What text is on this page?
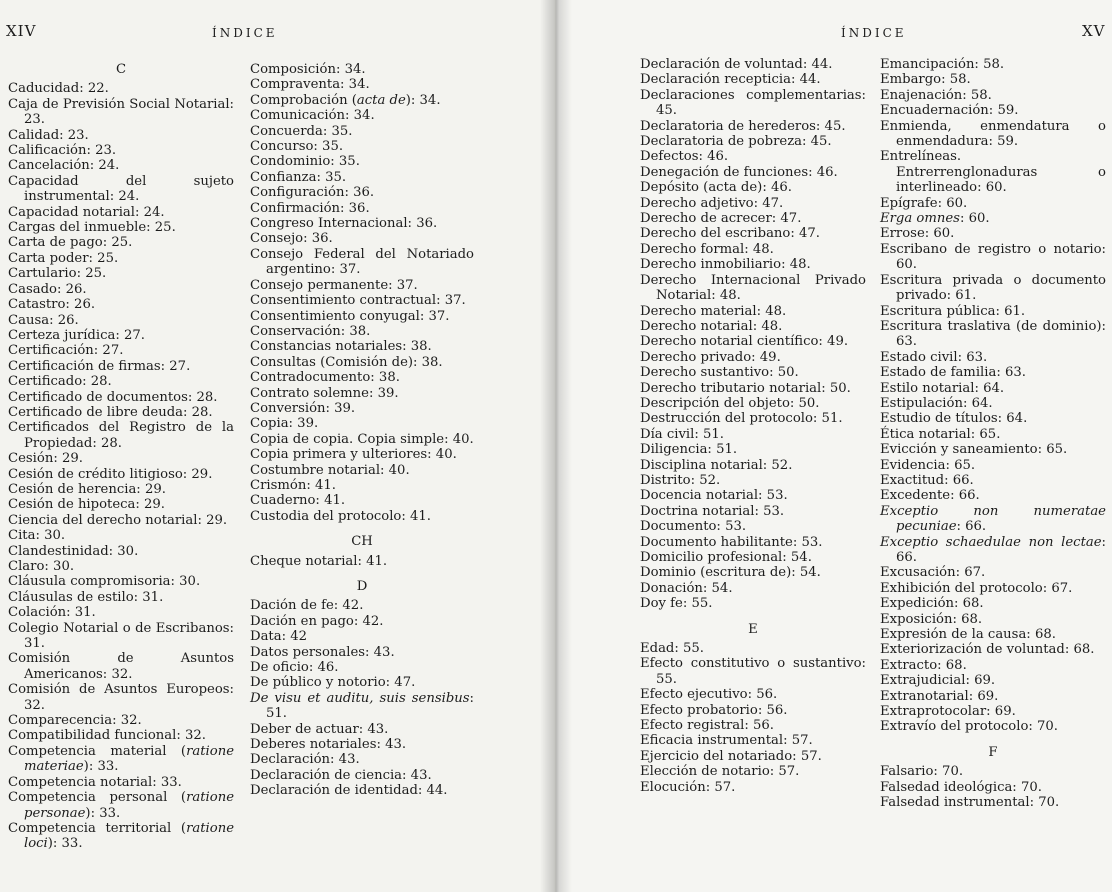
XIV	ÍNDICE
C
Caducidad: 22.
Caja de Previsión Social Notarial: 23.
Calidad: 23.
Calificación: 23.
Cancelación: 24.
Capacidad del sujeto instrumental: 24.
Capacidad notarial: 24.
Cargas del inmueble: 25.
Carta de pago: 25.
Carta poder: 25.
Cartulario: 25.
Casado: 26.
Catastro: 26.
Causa: 26.
Certeza jurídica: 27.
Certificación: 27.
Certificación de firmas: 27.
Certificado: 28.
Certificado de documentos: 28.
Certificado de libre deuda: 28.
Certificados del Registro de la Propiedad: 28.
Cesión: 29.
Cesión de crédito litigioso: 29.
Cesión de herencia: 29.
Cesión de hipoteca: 29.
Ciencia del derecho notarial: 29.
Cita: 30.
Clandestinidad: 30.
Claro: 30.
Cláusula compromisoria: 30.
Cláusulas de estilo: 31.
Colación: 31.
Colegio Notarial o de Escribanos: 31.
Comisión de Asuntos Americanos: 32.
Comisión de Asuntos Europeos: 32.
Comparecencia: 32.
Compatibilidad funcional: 32.
Competencia material (ratione materiae): 33.
Competencia notarial: 33.
Competencia personal (ratione personae): 33.
Competencia territorial (ratione loci): 33.
Composición: 34.
Compraventa: 34.
Comprobación (acta de): 34.
Comunicación: 34.
Concuerda: 35.
Concurso: 35.
Condominio: 35.
Confianza: 35.
Configuración: 36.
Confirmación: 36.
Congreso Internacional: 36.
Consejo: 36.
Consejo Federal del Notariado argentino: 37.
Consejo permanente: 37.
Consentimiento contractual: 37.
Consentimiento conyugal: 37.
Conservación: 38.
Constancias notariales: 38.
Consultas (Comisión de): 38.
Contradocumento: 38.
Contrato solemne: 39.
Conversión: 39.
Copia: 39.
Copia de copia. Copia simple: 40.
Copia primera y ulteriores: 40.
Costumbre notarial: 40.
Crismón: 41.
Cuaderno: 41.
Custodia del protocolo: 41.
CH
Cheque notarial: 41.
D
Dación de fe: 42.
Dación en pago: 42.
Data: 42
Datos personales: 43.
De oficio: 46.
De público y notorio: 47.
De visu et auditu, suis sensibus: 51.
Deber de actuar: 43.
Deberes notariales: 43.
Declaración: 43.
Declaración de ciencia: 43.
Declaración de identidad: 44.
ÍNDICE	XV
Declaración de voluntad: 44.
Declaración recepticia: 44.
Declaraciones complementarias: 45.
Declaratoria de herederos: 45.
Declaratoria de pobreza: 45.
Defectos: 46.
Denegación de funciones: 46.
Depósito (acta de): 46.
Derecho adjetivo: 47.
Derecho de acrecer: 47.
Derecho del escribano: 47.
Derecho formal: 48.
Derecho inmobiliario: 48.
Derecho Internacional Privado Notarial: 48.
Derecho material: 48.
Derecho notarial: 48.
Derecho notarial científico: 49.
Derecho privado: 49.
Derecho sustantivo: 50.
Derecho tributario notarial: 50.
Descripción del objeto: 50.
Destrucción del protocolo: 51.
Día civil: 51.
Diligencia: 51.
Disciplina notarial: 52.
Distrito: 52.
Docencia notarial: 53.
Doctrina notarial: 53.
Documento: 53.
Documento habilitante: 53.
Domicilio profesional: 54.
Dominio (escritura de): 54.
Donación: 54.
Doy fe: 55.
E
Edad: 55.
Efecto constitutivo o sustantivo: 55.
Efecto ejecutivo: 56.
Efecto probatorio: 56.
Efecto registral: 56.
Eficacia instrumental: 57.
Ejercicio del notariado: 57.
Elección de notario: 57.
Elocución: 57.
Emancipación: 58.
Embargo: 58.
Enajenación: 58.
Encuadernación: 59.
Enmienda, enmendatura o enmendadura: 59.
Entrelíneas. Entrerrenglonaduras o interlineado: 60.
Epígrafe: 60.
Erga omnes: 60.
Errose: 60.
Escribano de registro o notario: 60.
Escritura privada o documento privado: 61.
Escritura pública: 61.
Escritura traslativa (de dominio): 63.
Estado civil: 63.
Estado de familia: 63.
Estilo notarial: 64.
Estipulación: 64.
Estudio de títulos: 64.
Ética notarial: 65.
Evicción y saneamiento: 65.
Evidencia: 65.
Exactitud: 66.
Excedente: 66.
Exceptio non numeratae pecuniae: 66.
Exceptio schaedulae non lectae: 66.
Excusación: 67.
Exhibición del protocolo: 67.
Expedición: 68.
Exposición: 68.
Expresión de la causa: 68.
Exteriorización de voluntad: 68.
Extracto: 68.
Extrajudicial: 69.
Extranotarial: 69.
Extraprotocolar: 69.
Extravío del protocolo: 70.
F
Falsario: 70.
Falsedad ideológica: 70.
Falsedad instrumental: 70.
